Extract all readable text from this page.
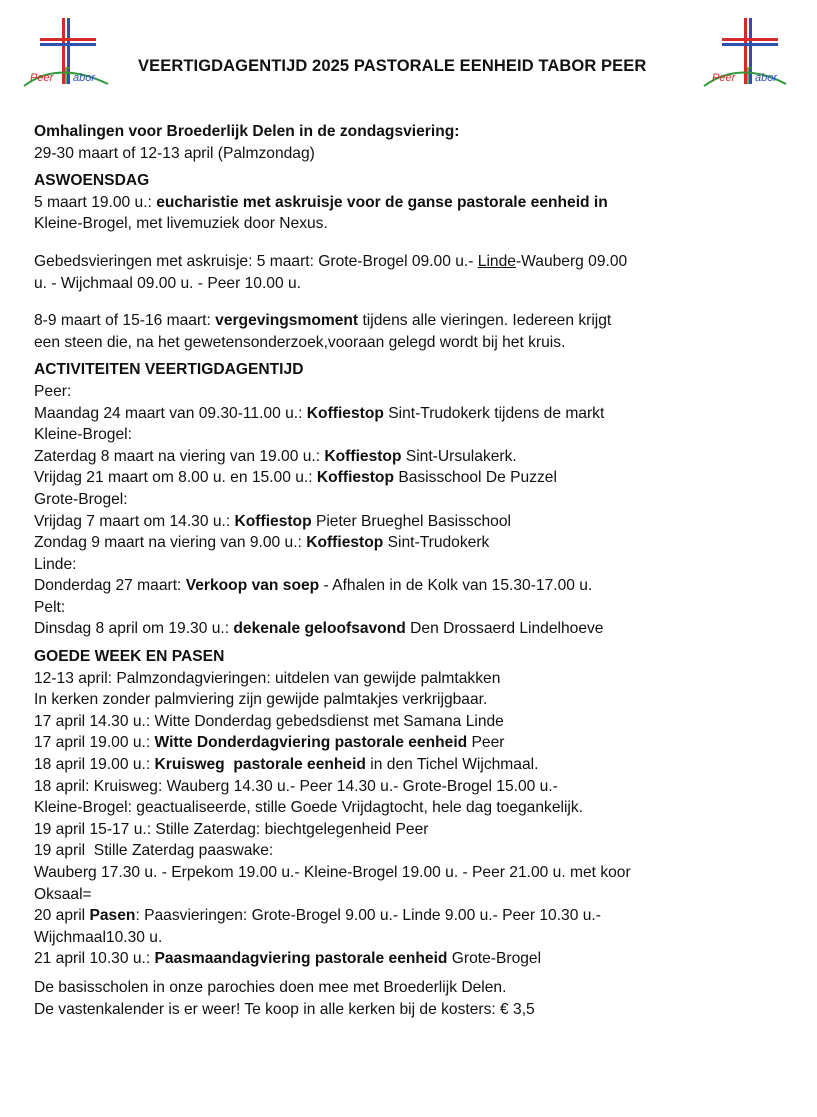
Peer abor
VEERTIGDAGENTIJD 2025 PASTORALE EENHEID TABOR PEER
Peer abor
Omhalingen voor Broederlijk Delen in de zondagsviering:
29-30 maart of 12-13 april (Palmzondag)
ASWOENSDAG
5 maart 19.00 u.: eucharistie met askruisje voor de ganse pastorale eenheid in
Kleine-Brogel, met livemuziek door Nexus.
Gebedsvieringen met askruisje: 5 maart: Grote-Brogel 09.00 u.- Linde-Wauberg 09.00
u. - Wijchmaal 09.00 u. - Peer 10.00 u.
8-9 maart of 15-16 maart: vergevingsmoment tijdens alle vieringen. Iedereen krijgt
een steen die, na het gewetensonderzoek,vooraan gelegd wordt bij het kruis.
ACTIVITEITEN VEERTIGDAGENTIJD
Peer:
Maandag 24 maart van 09.30-11.00 u.: Koffiestop Sint-Trudokerk tijdens de markt
Kleine-Brogel:
Zaterdag 8 maart na viering van 19.00 u.: Koffiestop Sint-Ursulakerk.
Vrijdag 21 maart om 8.00 u. en 15.00 u.: Koffiestop Basisschool De Puzzel
Grote-Brogel:
Vrijdag 7 maart om 14.30 u.: Koffiestop Pieter Brueghel Basisschool
Zondag 9 maart na viering van 9.00 u.: Koffiestop Sint-Trudokerk
Linde:
Donderdag 27 maart: Verkoop van soep - Afhalen in de Kolk van 15.30-17.00 u.
Pelt:
Dinsdag 8 april om 19.30 u.: dekenale geloofsavond Den Drossaerd Lindelhoeve
GOEDE WEEK EN PASEN
12-13 april: Palmzondagvieringen: uitdelen van gewijde palmtakken
In kerken zonder palmviering zijn gewijde palmtakjes verkrijgbaar.
17 april 14.30 u.: Witte Donderdag gebedsdienst met Samana Linde
17 april 19.00 u.: Witte Donderdagviering pastorale eenheid Peer
18 april 19.00 u.: Kruisweg  pastorale eenheid in den Tichel Wijchmaal.
18 april: Kruisweg: Wauberg 14.30 u.- Peer 14.30 u.- Grote-Brogel 15.00 u.-
Kleine-Brogel: geactualiseerde, stille Goede Vrijdagtocht, hele dag toegankelijk.
19 april 15-17 u.: Stille Zaterdag: biechtgelegenheid Peer
19 april  Stille Zaterdag paaswake:
Wauberg 17.30 u. - Erpekom 19.00 u.- Kleine-Brogel 19.00 u. - Peer 21.00 u. met koor
Oksaal=
20 april Pasen: Paasvieringen: Grote-Brogel 9.00 u.- Linde 9.00 u.- Peer 10.30 u.-
Wijchmaal10.30 u.
21 april 10.30 u.: Paasmaandagviering pastorale eenheid Grote-Brogel
De basisscholen in onze parochies doen mee met Broederlijk Delen.
De vastenkalender is er weer! Te koop in alle kerken bij de kosters: € 3,5
